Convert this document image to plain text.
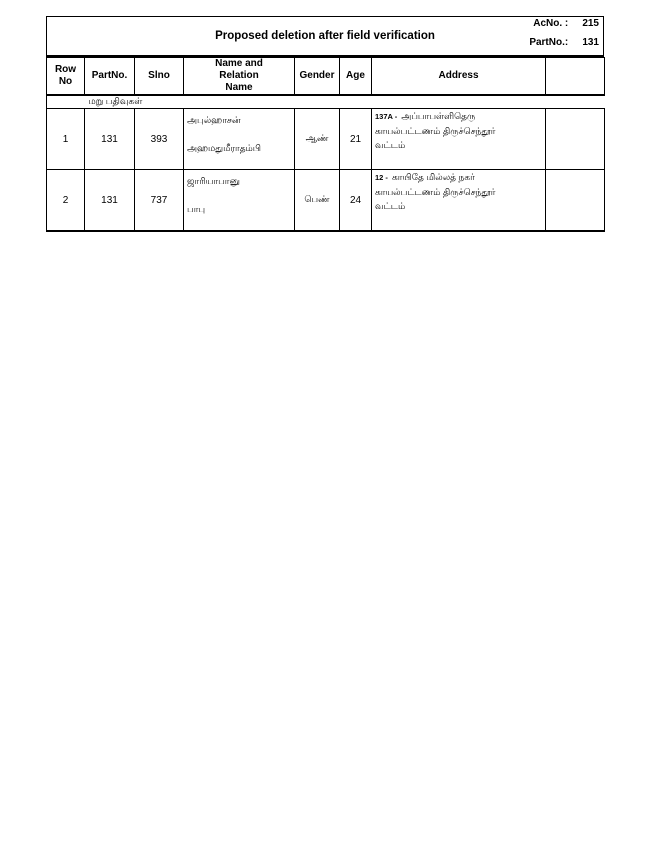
Proposed deletion after field verification
AcNo. : 215
PartNo.: 131
Row No	PartNo.	Slno	Name and Relation Name	Gender	Age	Address	
	மறு பதிவுகள்						

1	131	393	அபுல்ஹாசன்
அஹமதுமீராதம்பி	ஆண்	21	137A - அப்பாபள்ளிதெரு
காயல்பட்டணம் திருச்செந்தூர்
வட்டம்	

2	131	737	ஜாரியாபானு
பாபு	பெண்	24	12 - காயிதே மில்லத் நகர்
காயல்பட்டணம் திருச்செந்தூர்
வட்டம்	
